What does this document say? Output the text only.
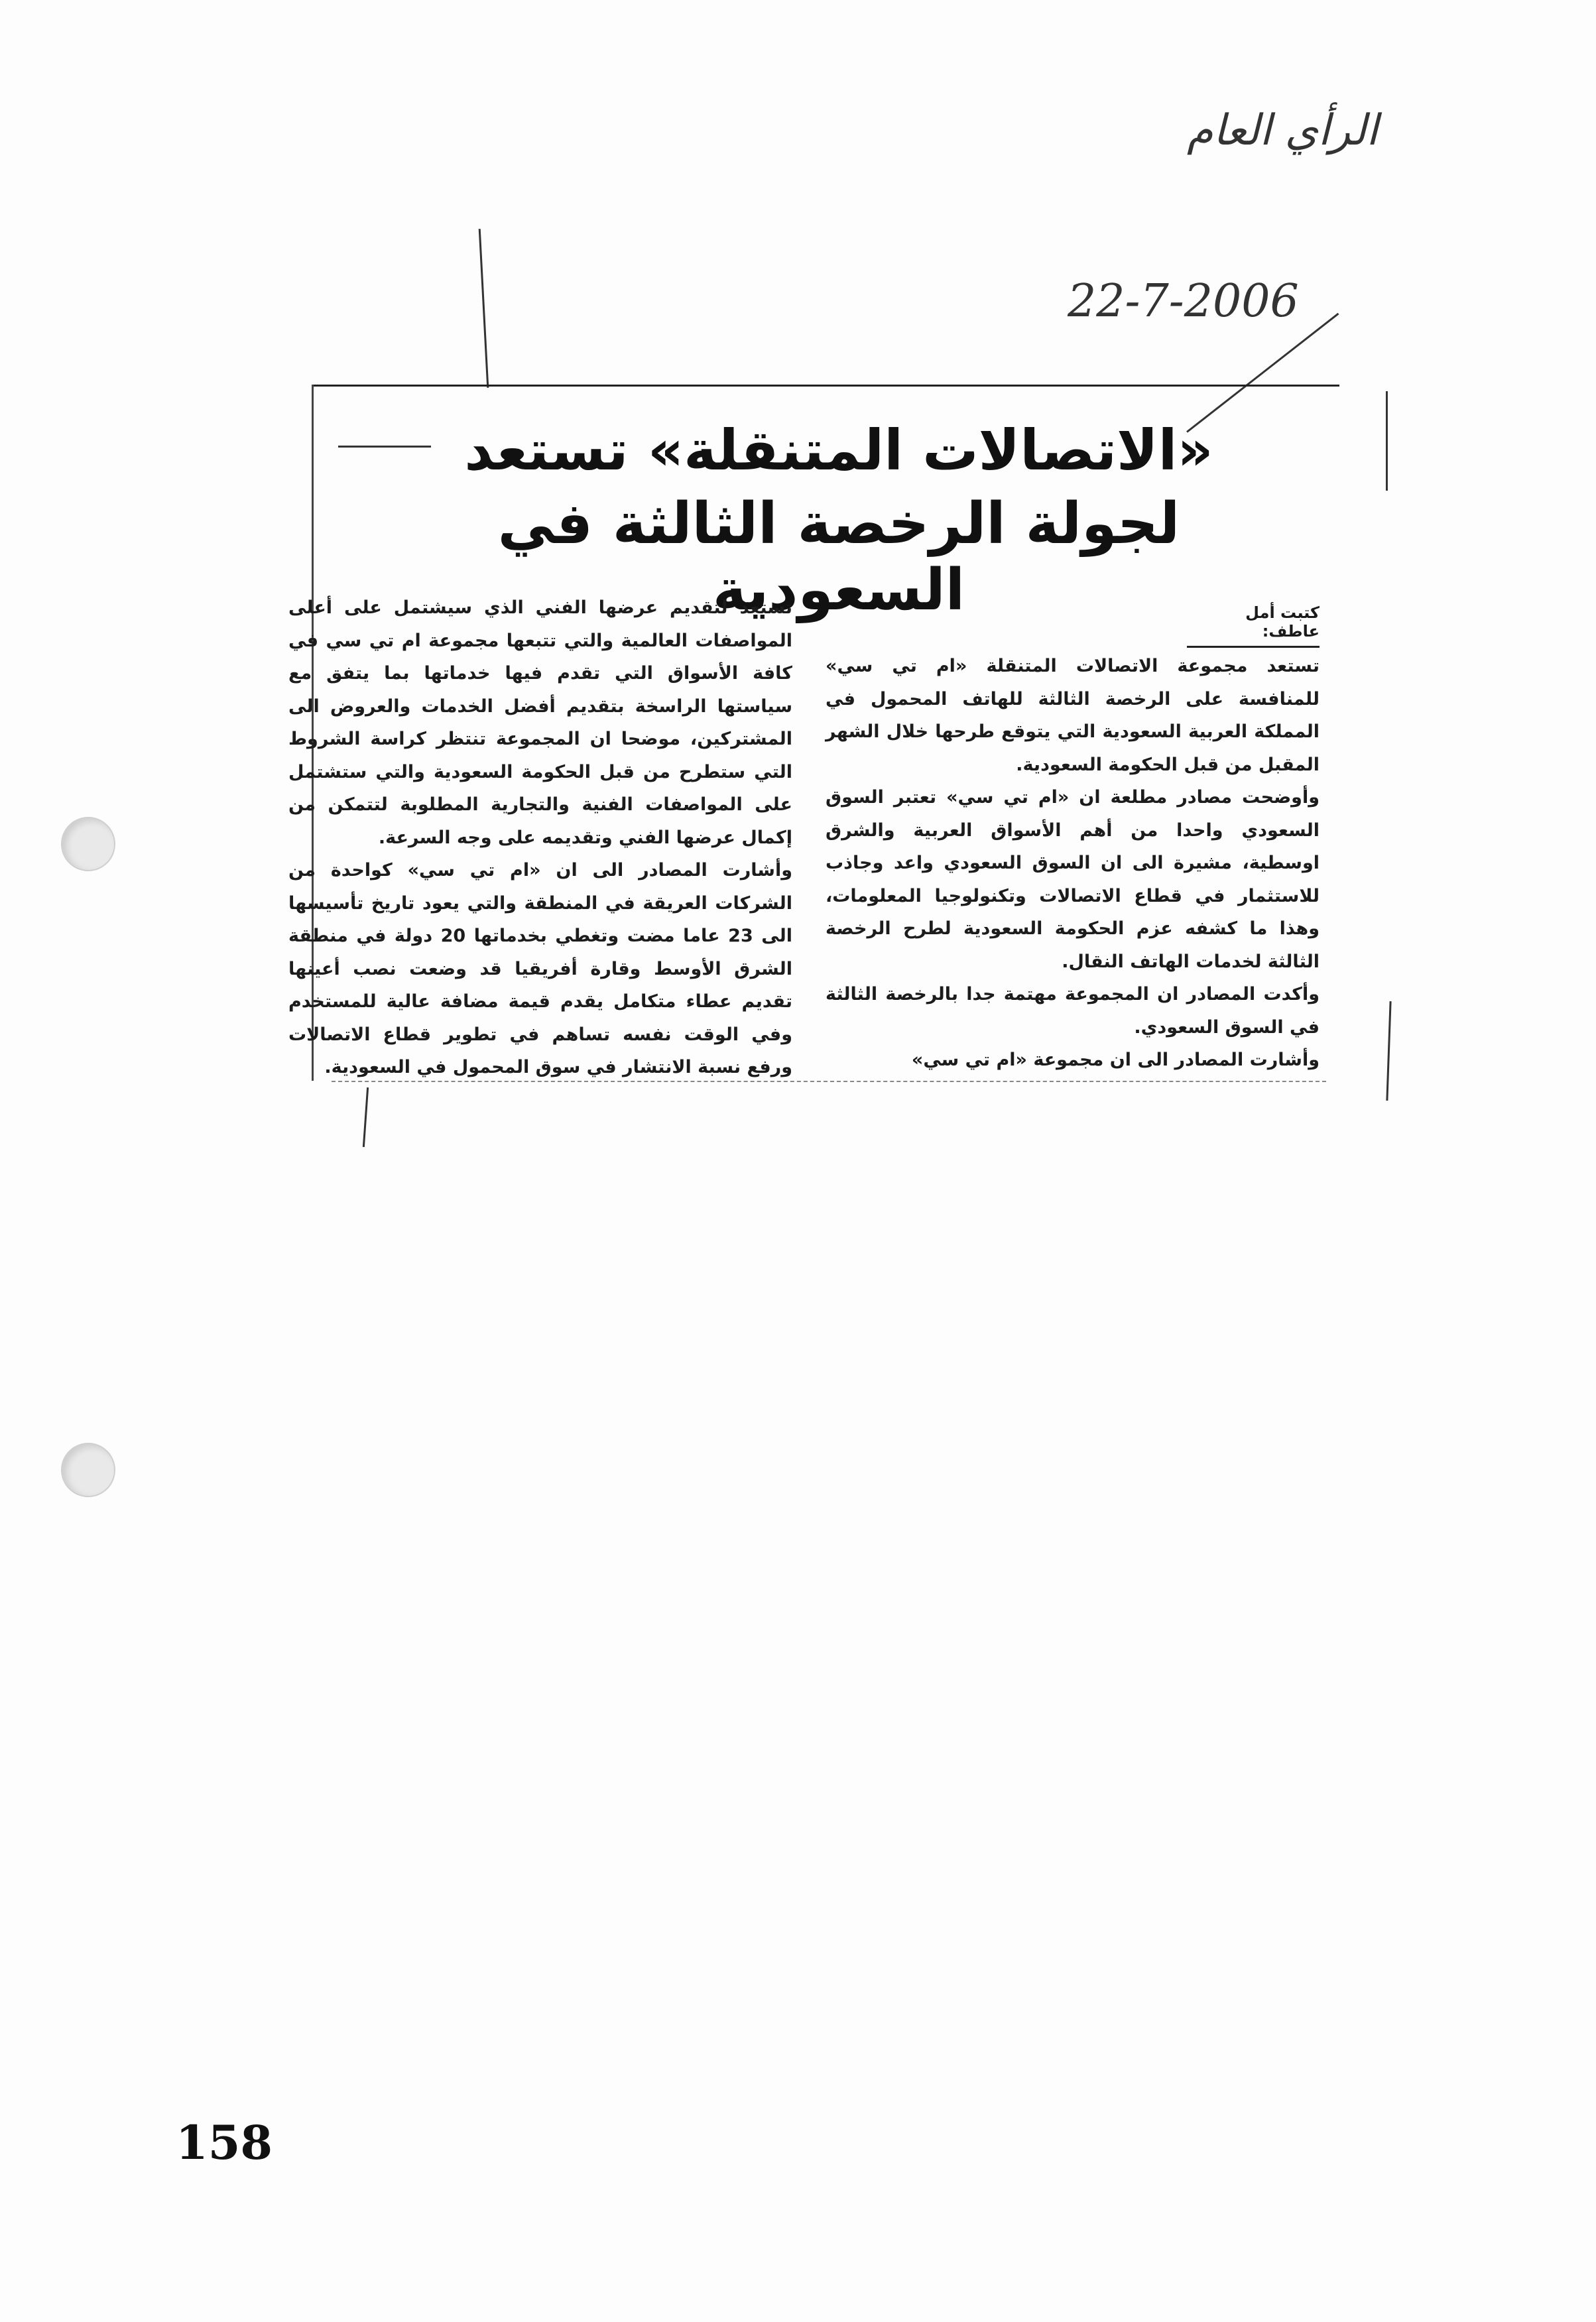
الرأي العام
22-7-2006
«الاتصالات المتنقلة» تستعد
لجولة الرخصة الثالثة في السعودية	كتبت أمل عاطف:

تستعد مجموعة الاتصالات المتنقلة «ام تي سي» للمنافسة على الرخصة الثالثة للهاتف المحمول في المملكة العربية السعودية التي يتوقع طرحها خلال الشهر المقبل من قبل الحكومة السعودية.

وأوضحت مصادر مطلعة ان «ام تي سي» تعتبر السوق السعودي واحدا من أهم الأسواق العربية والشرق اوسطية، مشيرة الى ان السوق السعودي واعد وجاذب للاستثمار في قطاع الاتصالات وتكنولوجيا المعلومات، وهذا ما كشفه عزم الحكومة السعودية لطرح الرخصة الثالثة لخدمات الهاتف النقال.

وأكدت المصادر ان المجموعة مهتمة جدا بالرخصة الثالثة في السوق السعودي.

وأشارت المصادر الى ان مجموعة «ام تي سي»

تستعد لتقديم عرضها الفني الذي سيشتمل على أعلى المواصفات العالمية والتي تتبعها مجموعة ام تي سي في كافة الأسواق التي تقدم فيها خدماتها بما يتفق مع سياستها الراسخة بتقديم أفضل الخدمات والعروض الى المشتركين، موضحا ان المجموعة تنتظر كراسة الشروط التي ستطرح من قبل الحكومة السعودية والتي ستشتمل على المواصفات الفنية والتجارية المطلوبة لتتمكن من إكمال عرضها الفني وتقديمه على وجه السرعة.

وأشارت المصادر الى ان «ام تي سي» كواحدة من الشركات العريقة في المنطقة والتي يعود تاريخ تأسيسها الى 23 عاما مضت وتغطي بخدماتها 20 دولة في منطقة الشرق الأوسط وقارة أفريقيا قد وضعت نصب أعينها تقديم عطاء متكامل يقدم قيمة مضافة عالية للمستخدم وفي الوقت نفسه تساهم في تطوير قطاع الاتصالات ورفع نسبة الانتشار في سوق المحمول في السعودية.

158
